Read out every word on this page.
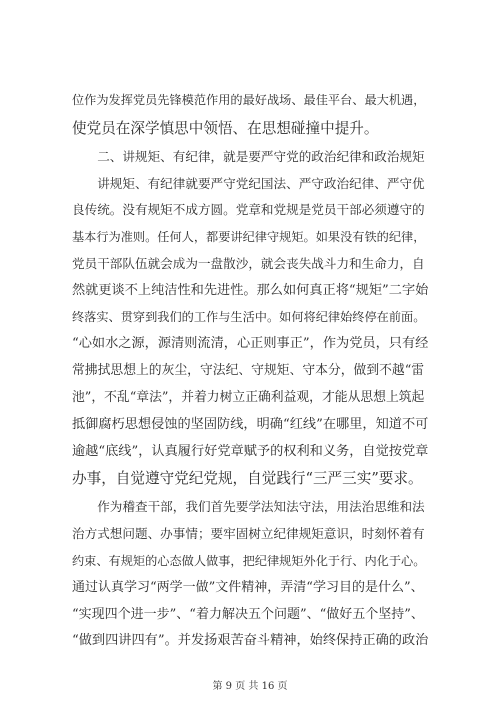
位作为发挥党员先锋模范作用的最好战场、最佳平台、最大机遇，
使党员在深学慎思中领悟、在思想碰撞中提升。
　　二、讲规矩、有纪律，就是要严守党的政治纪律和政治规矩
　　讲规矩、有纪律就要严守党纪国法、严守政治纪律、严守优
良传统。没有规矩不成方圆。党章和党规是党员干部必须遵守的
基本行为准则。任何人，都要讲纪律守规矩。如果没有铁的纪律，
党员干部队伍就会成为一盘散沙，就会丧失战斗力和生命力，自
然就更谈不上纯洁性和先进性。那么如何真正将“规矩”二字始
终落实、贯穿到我们的工作与生活中。如何将纪律始终停在前面。
“心如水之源，源清则流清，心正则事正”，作为党员，只有经
常拂拭思想上的灰尘，守法纪、守规矩、守本分，做到不越“雷
池”，不乱“章法”，并着力树立正确利益观，才能从思想上筑起
抵御腐朽思想侵蚀的坚固防线，明确“红线”在哪里，知道不可
逾越“底线”，认真履行好党章赋予的权利和义务，自觉按党章
办事，自觉遵守党纪党规，自觉践行“三严三实”要求。
　　作为稽查干部，我们首先要学法知法守法，用法治思维和法
治方式想问题、办事情；要牢固树立纪律规矩意识，时刻怀着有
约束、有规矩的心态做人做事，把纪律规矩外化于行、内化于心。
通过认真学习“两学一做”文件精神，弄清“学习目的是什么”、
“实现四个进一步”、“着力解决五个问题”、“做好五个坚持”、
“做到四讲四有”。并发扬艰苦奋斗精神，始终保持正确的政治
第 9 页 共 16 页
